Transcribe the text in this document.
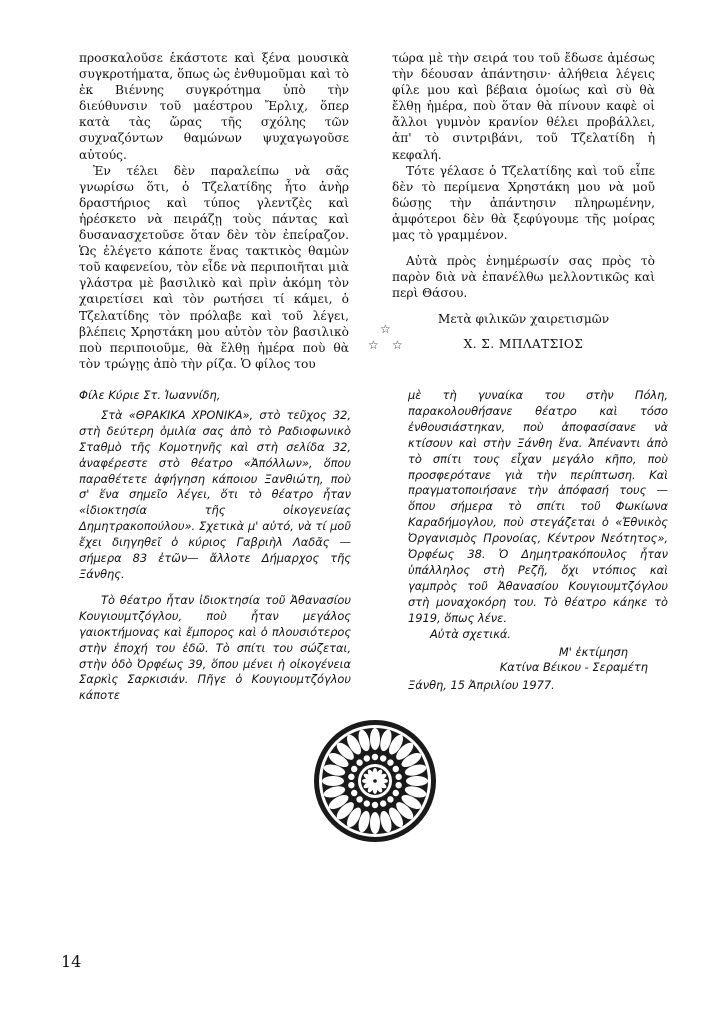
προσκαλοῦσε ἑκάστοτε καὶ ξένα μουσικὰ συγκροτήματα, ὅπως ὡς ἐνθυμοῦμαι καὶ τὸ ἐκ Βιέννης συγκρότημα ὑπὸ τὴν διεύθυνσιν τοῦ μαέστρου Ἔρλιχ, ὅπερ κατὰ τὰς ὥρας τῆς σχόλης τῶν συχναζόντων θαμώνων ψυχαγωγοῦσε αὐτούς.

Ἐν τέλει δὲν παραλείπω νὰ σᾶς γνωρίσω ὅτι, ὁ Τζελατίδης ἦτο ἀνὴρ δραστήριος καὶ τύπος γλεντζὲς καὶ ἠρέσκετο νὰ πειράζῃ τοὺς πάντας καὶ δυσανασχετοῦσε ὅταν δὲν τὸν ἐπείραζον. Ὡς ἐλέγετο κάποτε ἕνας τακτικὸς θαμὼν τοῦ καφενείου, τὸν εἶδε νὰ περιποιῆται μιὰ γλάστρα μὲ βασιλικὸ καὶ πρὶν ἀκόμη τὸν χαιρετίσει καὶ τὸν ρωτήσει τί κάμει, ὁ Τζελατίδης τὸν πρόλαβε καὶ τοῦ λέγει, βλέπεις Χρηστάκη μου αὐτὸν τὸν βασιλικὸ ποὺ περιποιοῦμε, θὰ ἔλθῃ ἡμέρα ποὺ θὰ τὸν τρώγῃς ἀπὸ τὴν ρίζα. Ὁ φίλος του

τώρα μὲ τὴν σειρά του τοῦ ἔδωσε ἀμέσως τὴν δέουσαν ἀπάντησιν· ἀλήθεια λέγεις φίλε μου καὶ βέβαια ὁμοίως καὶ σὺ θὰ ἔλθῃ ἡμέρα, ποὺ ὅταν θὰ πίνουν καφὲ οἱ ἄλλοι γυμνὸν κρανίον θέλει προβάλλει, ἀπ' τὸ σιντριβάνι, τοῦ Τζελατίδη ἡ κεφαλή.

Τότε γέλασε ὁ Τζελατίδης καὶ τοῦ εἶπε δὲν τὸ περίμενα Χρηστάκη μου νὰ μοῦ δώσῃς τὴν ἀπάντησιν πληρωμένην, ἀμφότεροι δὲν θὰ ξεφύγουμε τῆς μοίρας μας τὸ γραμμένον.

Αὐτὰ πρὸς ἐνημέρωσίν σας πρὸς τὸ παρὸν διὰ νὰ ἐπανέλθω μελλοντικῶς καὶ περὶ Θάσου.

Μετὰ φιλικῶν χαιρετισμῶν
Χ. Σ. ΜΠΛΑΤΣΙΟΣ
☆
☆ ☆

Φίλε Κύριε Στ. Ἰωαννίδη,

Στὰ «ΘΡΑΚΙΚΑ ΧΡΟΝΙΚΑ», στὸ τεῦχος 32, στὴ δεύτερη ὁμιλία σας ἀπὸ τὸ Ραδιοφωνικὸ Σταθμὸ τῆς Κομοτηνῆς καὶ στὴ σελίδα 32, ἀναφέρεστε στὸ θέατρο «Ἀπόλλων», ὅπου παραθέτετε ἀφήγηση κάποιου Ξανθιώτη, ποὺ σ' ἕνα σημεῖο λέγει, ὅτι τὸ θέατρο ἦταν «ἰδιοκτησία τῆς οἰκογενείας Δημητρακοπούλου». Σχετικὰ μ' αὐτό, νὰ τί μοῦ ἔχει διηγηθεῖ ὁ κύριος Γαβριὴλ Λαδᾶς —σήμερα 83 ἐτῶν— ἄλλοτε Δήμαρχος τῆς Ξάνθης.

Τὸ θέατρο ἦταν ἰδιοκτησία τοῦ Ἀθανασίου Κουγιουμτζόγλου, ποὺ ἦταν μεγάλος γαιοκτήμονας καὶ ἔμπορος καὶ ὁ πλουσιότερος στὴν ἐποχή του ἐδῶ. Τὸ σπίτι του σώζεται, στὴν ὁδὸ Ὀρφέως 39, ὅπου μένει ἡ οἰκογένεια Σαρκὶς Σαρκισιάν. Πῆγε ὁ Κουγιουμτζόγλου κάποτε

μὲ τὴ γυναίκα του στὴν Πόλη, παρακολουθήσανε θέατρο καὶ τόσο ἐνθουσιάστηκαν, ποὺ ἀποφασίσανε νὰ κτίσουν καὶ στὴν Ξάνθη ἕνα. Ἀπέναντι ἀπὸ τὸ σπίτι τους εἶχαν μεγάλο κῆπο, ποὺ προσφερότανε γιὰ τὴν περίπτωση. Καὶ πραγματοποιήσανε τὴν ἀπόφασή τους —ὅπου σήμερα τὸ σπίτι τοῦ Φωκίωνα Καραδήμογλου, ποὺ στεγάζεται ὁ «Ἐθνικὸς Ὀργανισμὸς Προνοίας, Κέντρον Νεότητος», Ὀρφέως 38. Ὁ Δημητρακόπουλος ἦταν ὑπάλληλος στὴ Ρεζῆ, ὄχι ντόπιος καὶ γαμπρὸς τοῦ Ἀθανασίου Κουγιουμτζόγλου στὴ μοναχοκόρη του. Τὸ θέατρο κάηκε τὸ 1919, ὅπως λένε.

Αὐτὰ σχετικά.

Μ' ἐκτίμηση
Κατίνα Βέικου - Σεραμέτη
Ξάνθη, 15 Ἀπριλίου 1977.
14
